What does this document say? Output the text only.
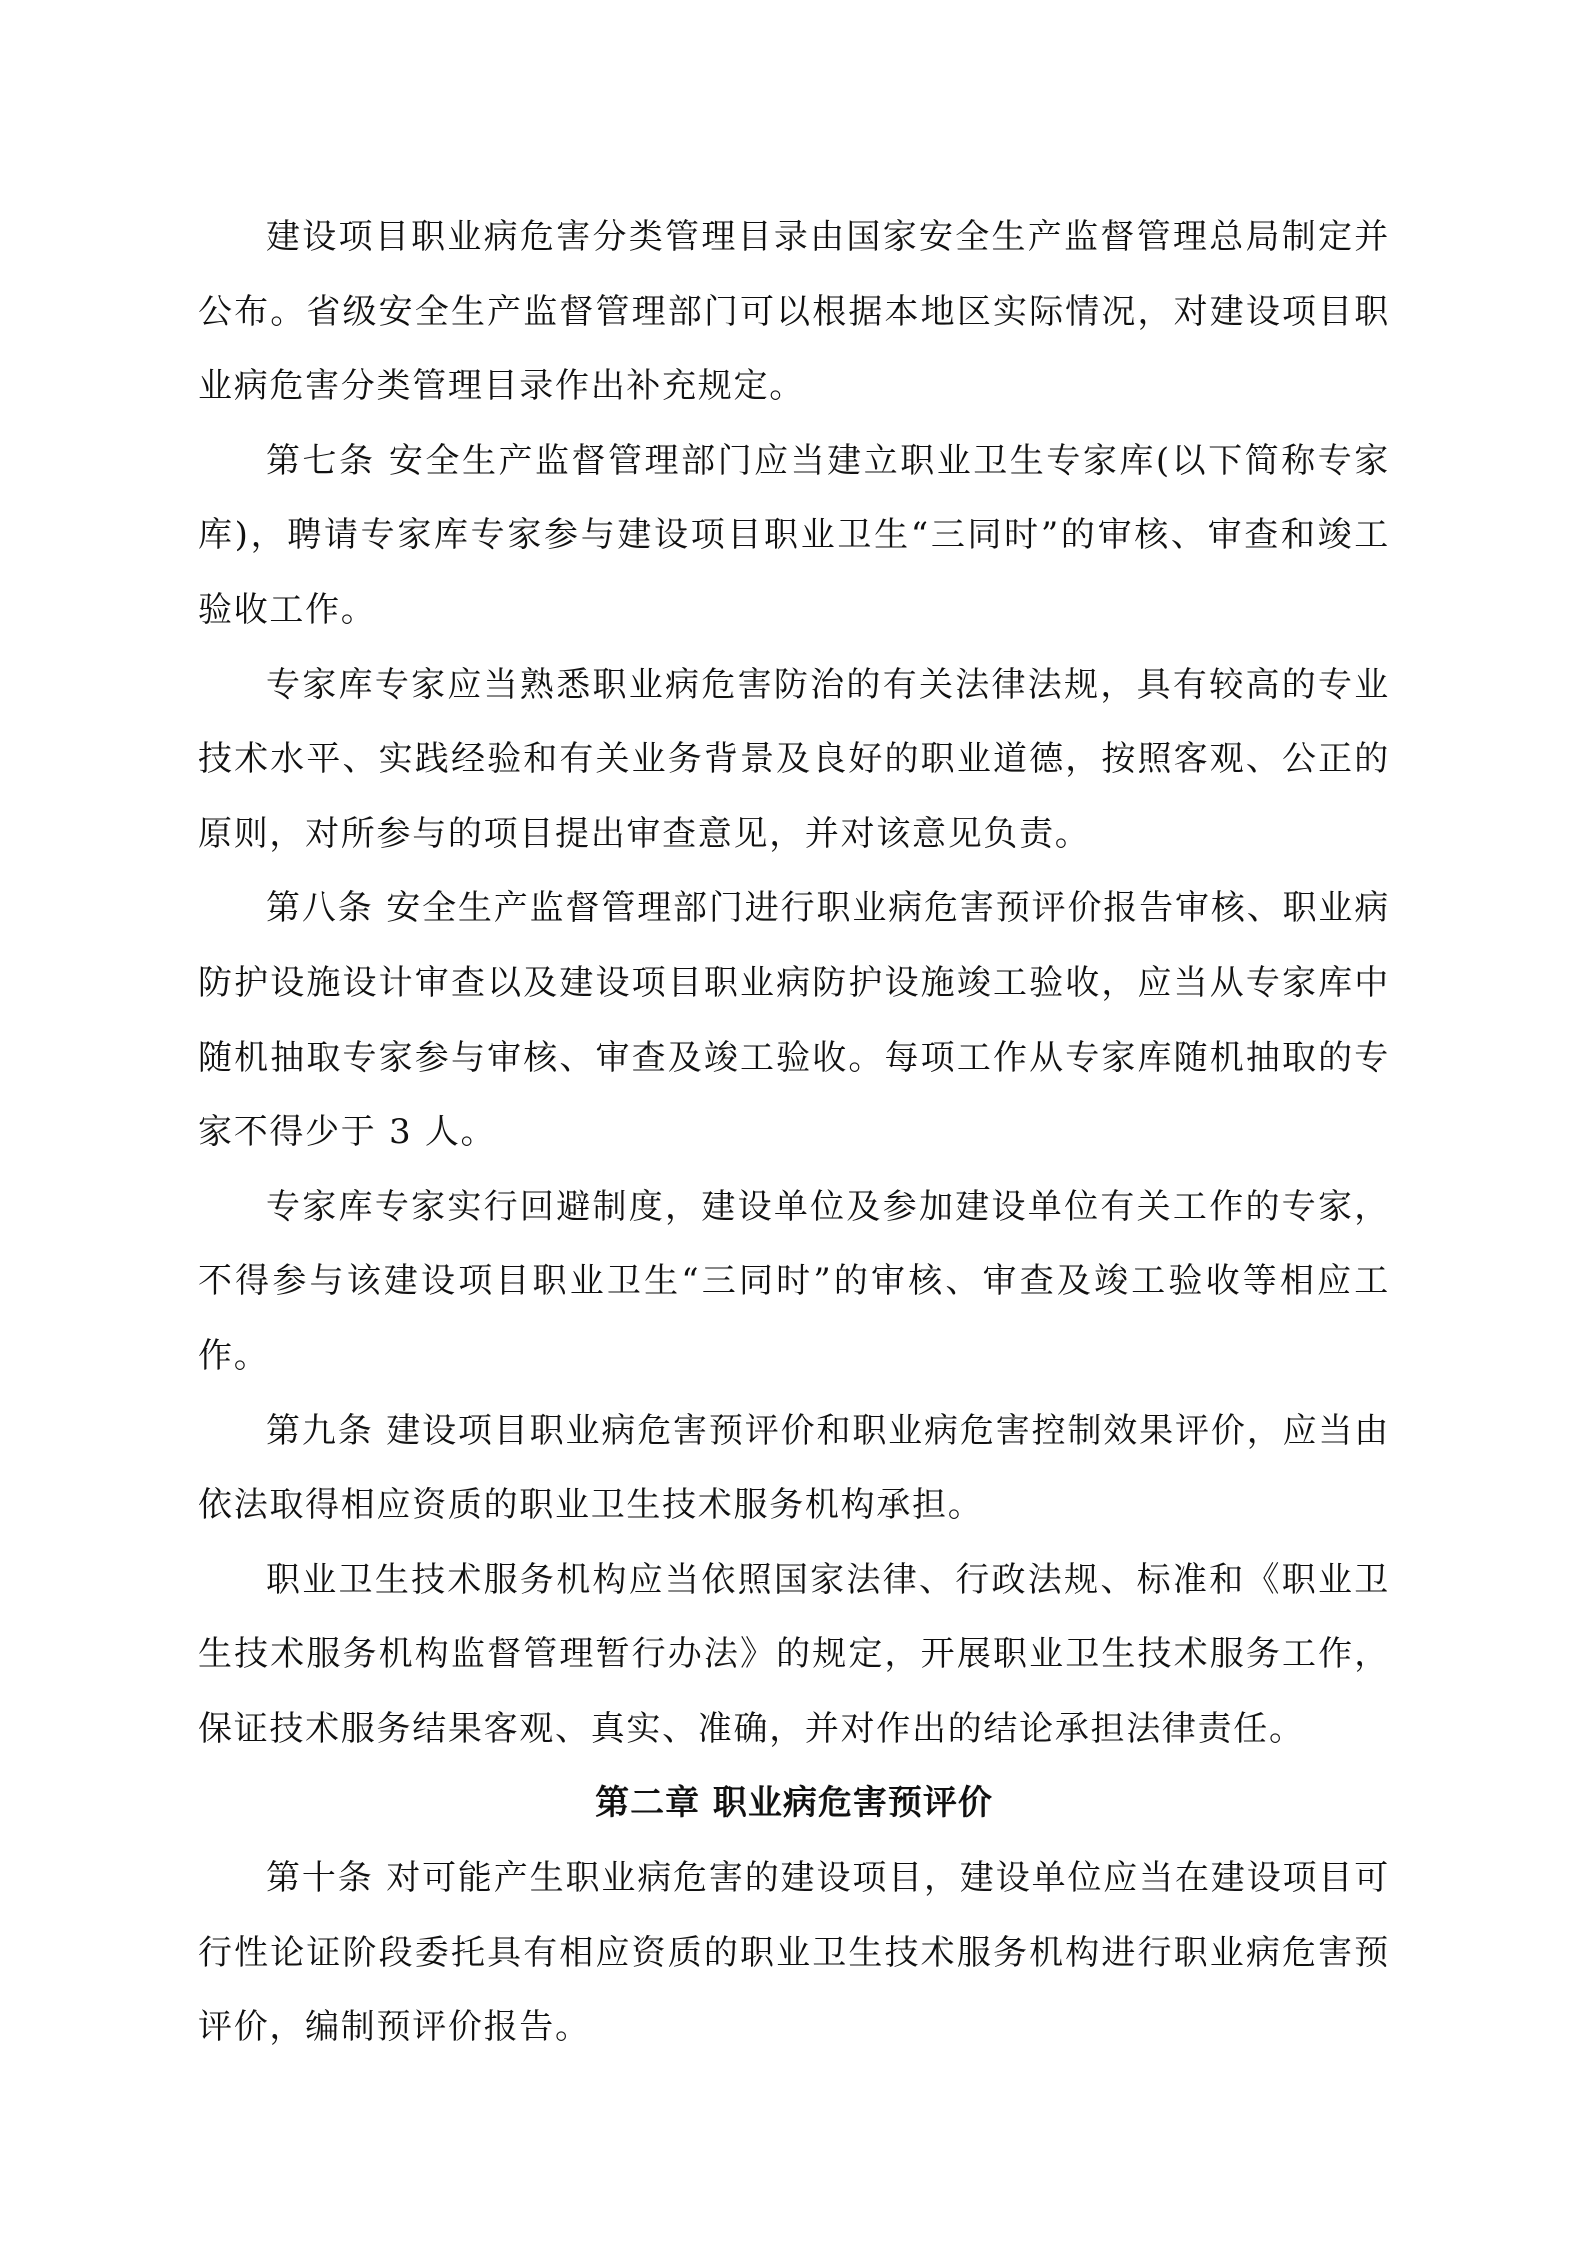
建设项目职业病危害分类管理目录由国家安全生产监督管理总局制定并公布。省级安全生产监督管理部门可以根据本地区实际情况，对建设项目职业病危害分类管理目录作出补充规定。

第七条 安全生产监督管理部门应当建立职业卫生专家库(以下简称专家库)，聘请专家库专家参与建设项目职业卫生“三同时”的审核、审查和竣工验收工作。

专家库专家应当熟悉职业病危害防治的有关法律法规，具有较高的专业技术水平、实践经验和有关业务背景及良好的职业道德，按照客观、公正的原则，对所参与的项目提出审查意见，并对该意见负责。

第八条 安全生产监督管理部门进行职业病危害预评价报告审核、职业病防护设施设计审查以及建设项目职业病防护设施竣工验收，应当从专家库中随机抽取专家参与审核、审查及竣工验收。每项工作从专家库随机抽取的专家不得少于 3 人。

专家库专家实行回避制度，建设单位及参加建设单位有关工作的专家，不得参与该建设项目职业卫生“三同时”的审核、审查及竣工验收等相应工作。

第九条 建设项目职业病危害预评价和职业病危害控制效果评价，应当由依法取得相应资质的职业卫生技术服务机构承担。

职业卫生技术服务机构应当依照国家法律、行政法规、标准和《职业卫生技术服务机构监督管理暂行办法》的规定，开展职业卫生技术服务工作，保证技术服务结果客观、真实、准确，并对作出的结论承担法律责任。

第二章 职业病危害预评价

第十条 对可能产生职业病危害的建设项目，建设单位应当在建设项目可行性论证阶段委托具有相应资质的职业卫生技术服务机构进行职业病危害预评价，编制预评价报告。
